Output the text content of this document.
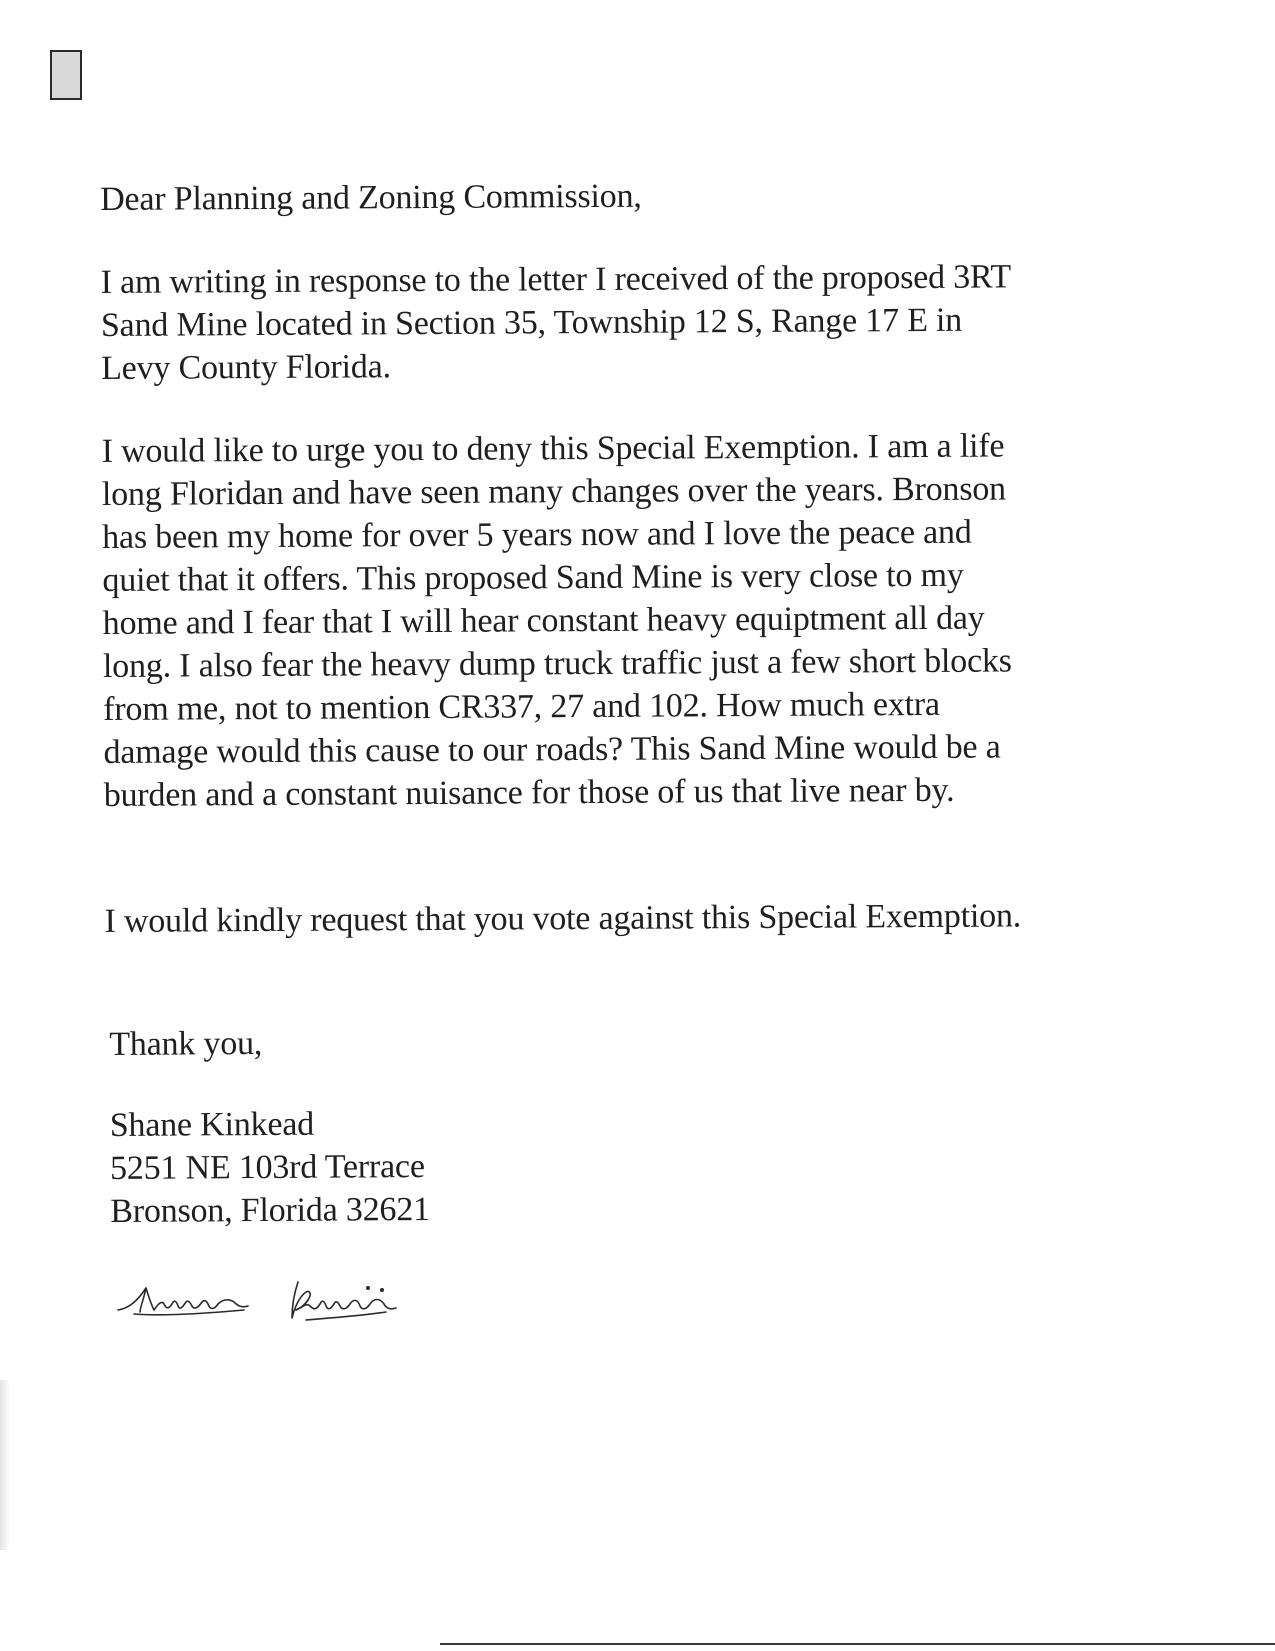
Dear Planning and Zoning Commission,

I am writing in response to the letter I received of the proposed 3RT
Sand Mine located in Section 35, Township 12 S, Range 17 E in
Levy County Florida.

I would like to urge you to deny this Special Exemption. I am a life
long Floridan and have seen many changes over the years. Bronson
has been my home for over 5 years now and I love the peace and
quiet that it offers. This proposed Sand Mine is very close to my
home and I fear that I will hear constant heavy equiptment all day
long. I also fear the heavy dump truck traffic just a few short blocks
from me, not to mention CR337, 27 and 102. How much extra
damage would this cause to our roads? This Sand Mine would be a
burden and a constant nuisance for those of us that live near by.

I would kindly request that you vote against this Special Exemption.

Thank you,

Shane Kinkead
5251 NE 103rd Terrace
Bronson, Florida 32621
